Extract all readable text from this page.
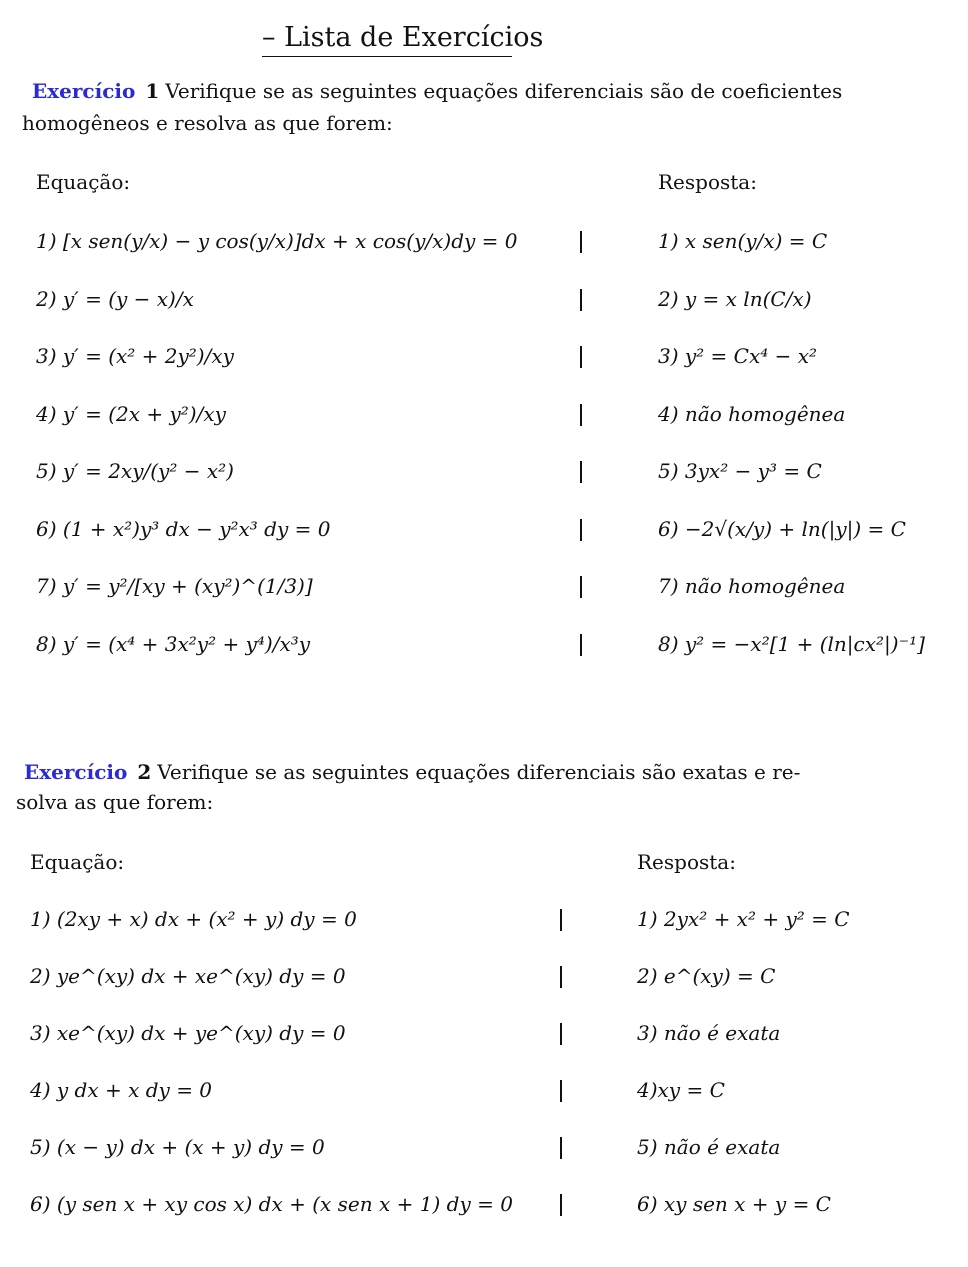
– Lista de Exercícios
Exercício 1 Verifique se as seguintes equações diferenciais são de coeficientes
homogêneos e resolva as que forem:
Equação:	Resposta:
1) [x sen(y/x) − y cos(y/x)]dx + x cos(y/x)dy = 0	1) x sen(y/x) = C
2) y′ = (y − x)/x	2) y = x ln(C/x)
3) y′ = (x² + 2y²)/xy	3) y² = Cx⁴ − x²
4) y′ = (2x + y²)/xy	4) não homogênea
5) y′ = 2xy/(y² − x²)	5) 3yx² − y³ = C
6) (1 + x²)y³ dx − y²x³ dy = 0	6) −2√(x/y) + ln(|y|) = C
7) y′ = y²/[xy + (xy²)^(1/3)]	7) não homogênea
8) y′ = (x⁴ + 3x²y² + y⁴)/x³y	8) y² = −x²[1 + (ln|cx²|)⁻¹]
Exercício 2 Verifique se as seguintes equações diferenciais são exatas e re-
solva as que forem:
Equação:	Resposta:
1) (2xy + x) dx + (x² + y) dy = 0	1) 2yx² + x² + y² = C
2) ye^(xy) dx + xe^(xy) dy = 0	2) e^(xy) = C
3) xe^(xy) dx + ye^(xy) dy = 0	3) não é exata
4) y dx + x dy = 0	4)xy = C
5) (x − y) dx + (x + y) dy = 0	5) não é exata
6) (y sen x + xy cos x) dx + (x sen x + 1) dy = 0	6) xy sen x + y = C
